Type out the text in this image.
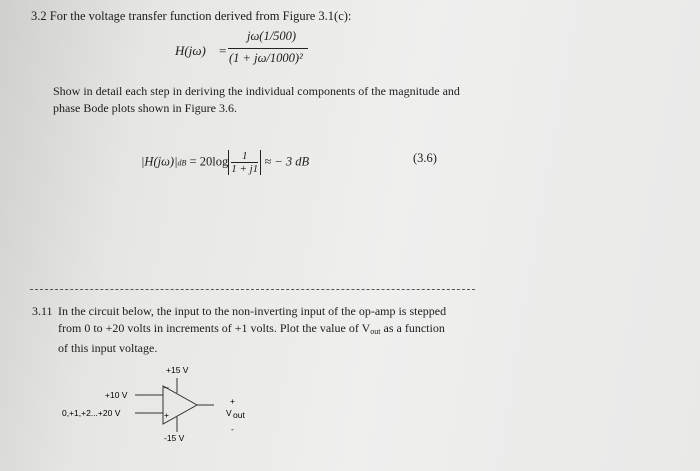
3.2 For the voltage transfer function derived from Figure 3.1(c):
H(jω) =
jω(1/500)
(1 + jω/1000)²
Show in detail each step in deriving the individual components of the magnitude and phase Bode plots shown in Figure 3.6.
$|H(j\omega)|dB = 20\log \frac{1}{1 + j1}$ ≈ − 3 dB	(3.6)
3.11 In the circuit below, the input to the non-inverting input of the op-amp is stepped from 0 to +20 volts in increments of +1 volts. Plot the value of Vout as a function of this input voltage.
–
+
+15 V
-15 V
+10 V
0,+1,+2...+20 V
+
V out
-
